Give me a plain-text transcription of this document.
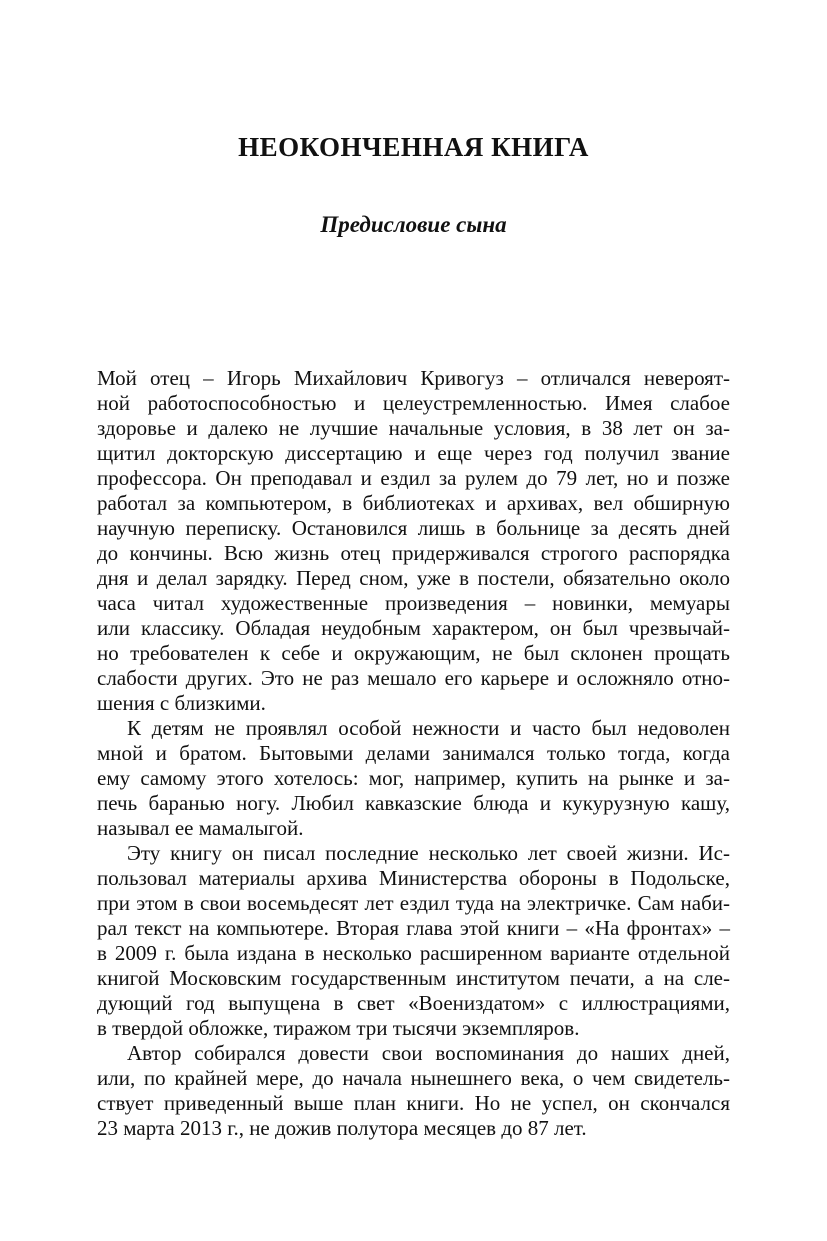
НЕОКОНЧЕННАЯ КНИГА
Предисловие сына
Мой отец – Игорь Михайлович Кривогуз – отличался невероят-
ной работоспособностью и целеустремленностью. Имея слабое
здоровье и далеко не лучшие начальные условия, в 38 лет он за-
щитил докторскую диссертацию и еще через год получил звание
профессора. Он преподавал и ездил за рулем до 79 лет, но и позже
работал за компьютером, в библиотеках и архивах, вел обширную
научную переписку. Остановился лишь в больнице за десять дней
до кончины. Всю жизнь отец придерживался строгого распорядка
дня и делал зарядку. Перед сном, уже в постели, обязательно около
часа читал художественные произведения – новинки, мемуары
или классику. Обладая неудобным характером, он был чрезвычай-
но требователен к себе и окружающим, не был склонен прощать
слабости других. Это не раз мешало его карьере и осложняло отно-
шения с близкими.
К детям не проявлял особой нежности и часто был недоволен
мной и братом. Бытовыми делами занимался только тогда, когда
ему самому этого хотелось: мог, например, купить на рынке и за-
печь баранью ногу. Любил кавказские блюда и кукурузную кашу,
называл ее мамалыгой.
Эту книгу он писал последние несколько лет своей жизни. Ис-
пользовал материалы архива Министерства обороны в Подольске,
при этом в свои восемьдесят лет ездил туда на электричке. Сам наби-
рал текст на компьютере. Вторая глава этой книги – «На фронтах» –
в 2009 г. была издана в несколько расширенном варианте отдельной
книгой Московским государственным институтом печати, а на сле-
дующий год выпущена в свет «Воениздатом» с иллюстрациями,
в твердой обложке, тиражом три тысячи экземпляров.
Автор собирался довести свои воспоминания до наших дней,
или, по крайней мере, до начала нынешнего века, о чем свидетель-
ствует приведенный выше план книги. Но не успел, он скончался
23 марта 2013 г., не дожив полутора месяцев до 87 лет.
